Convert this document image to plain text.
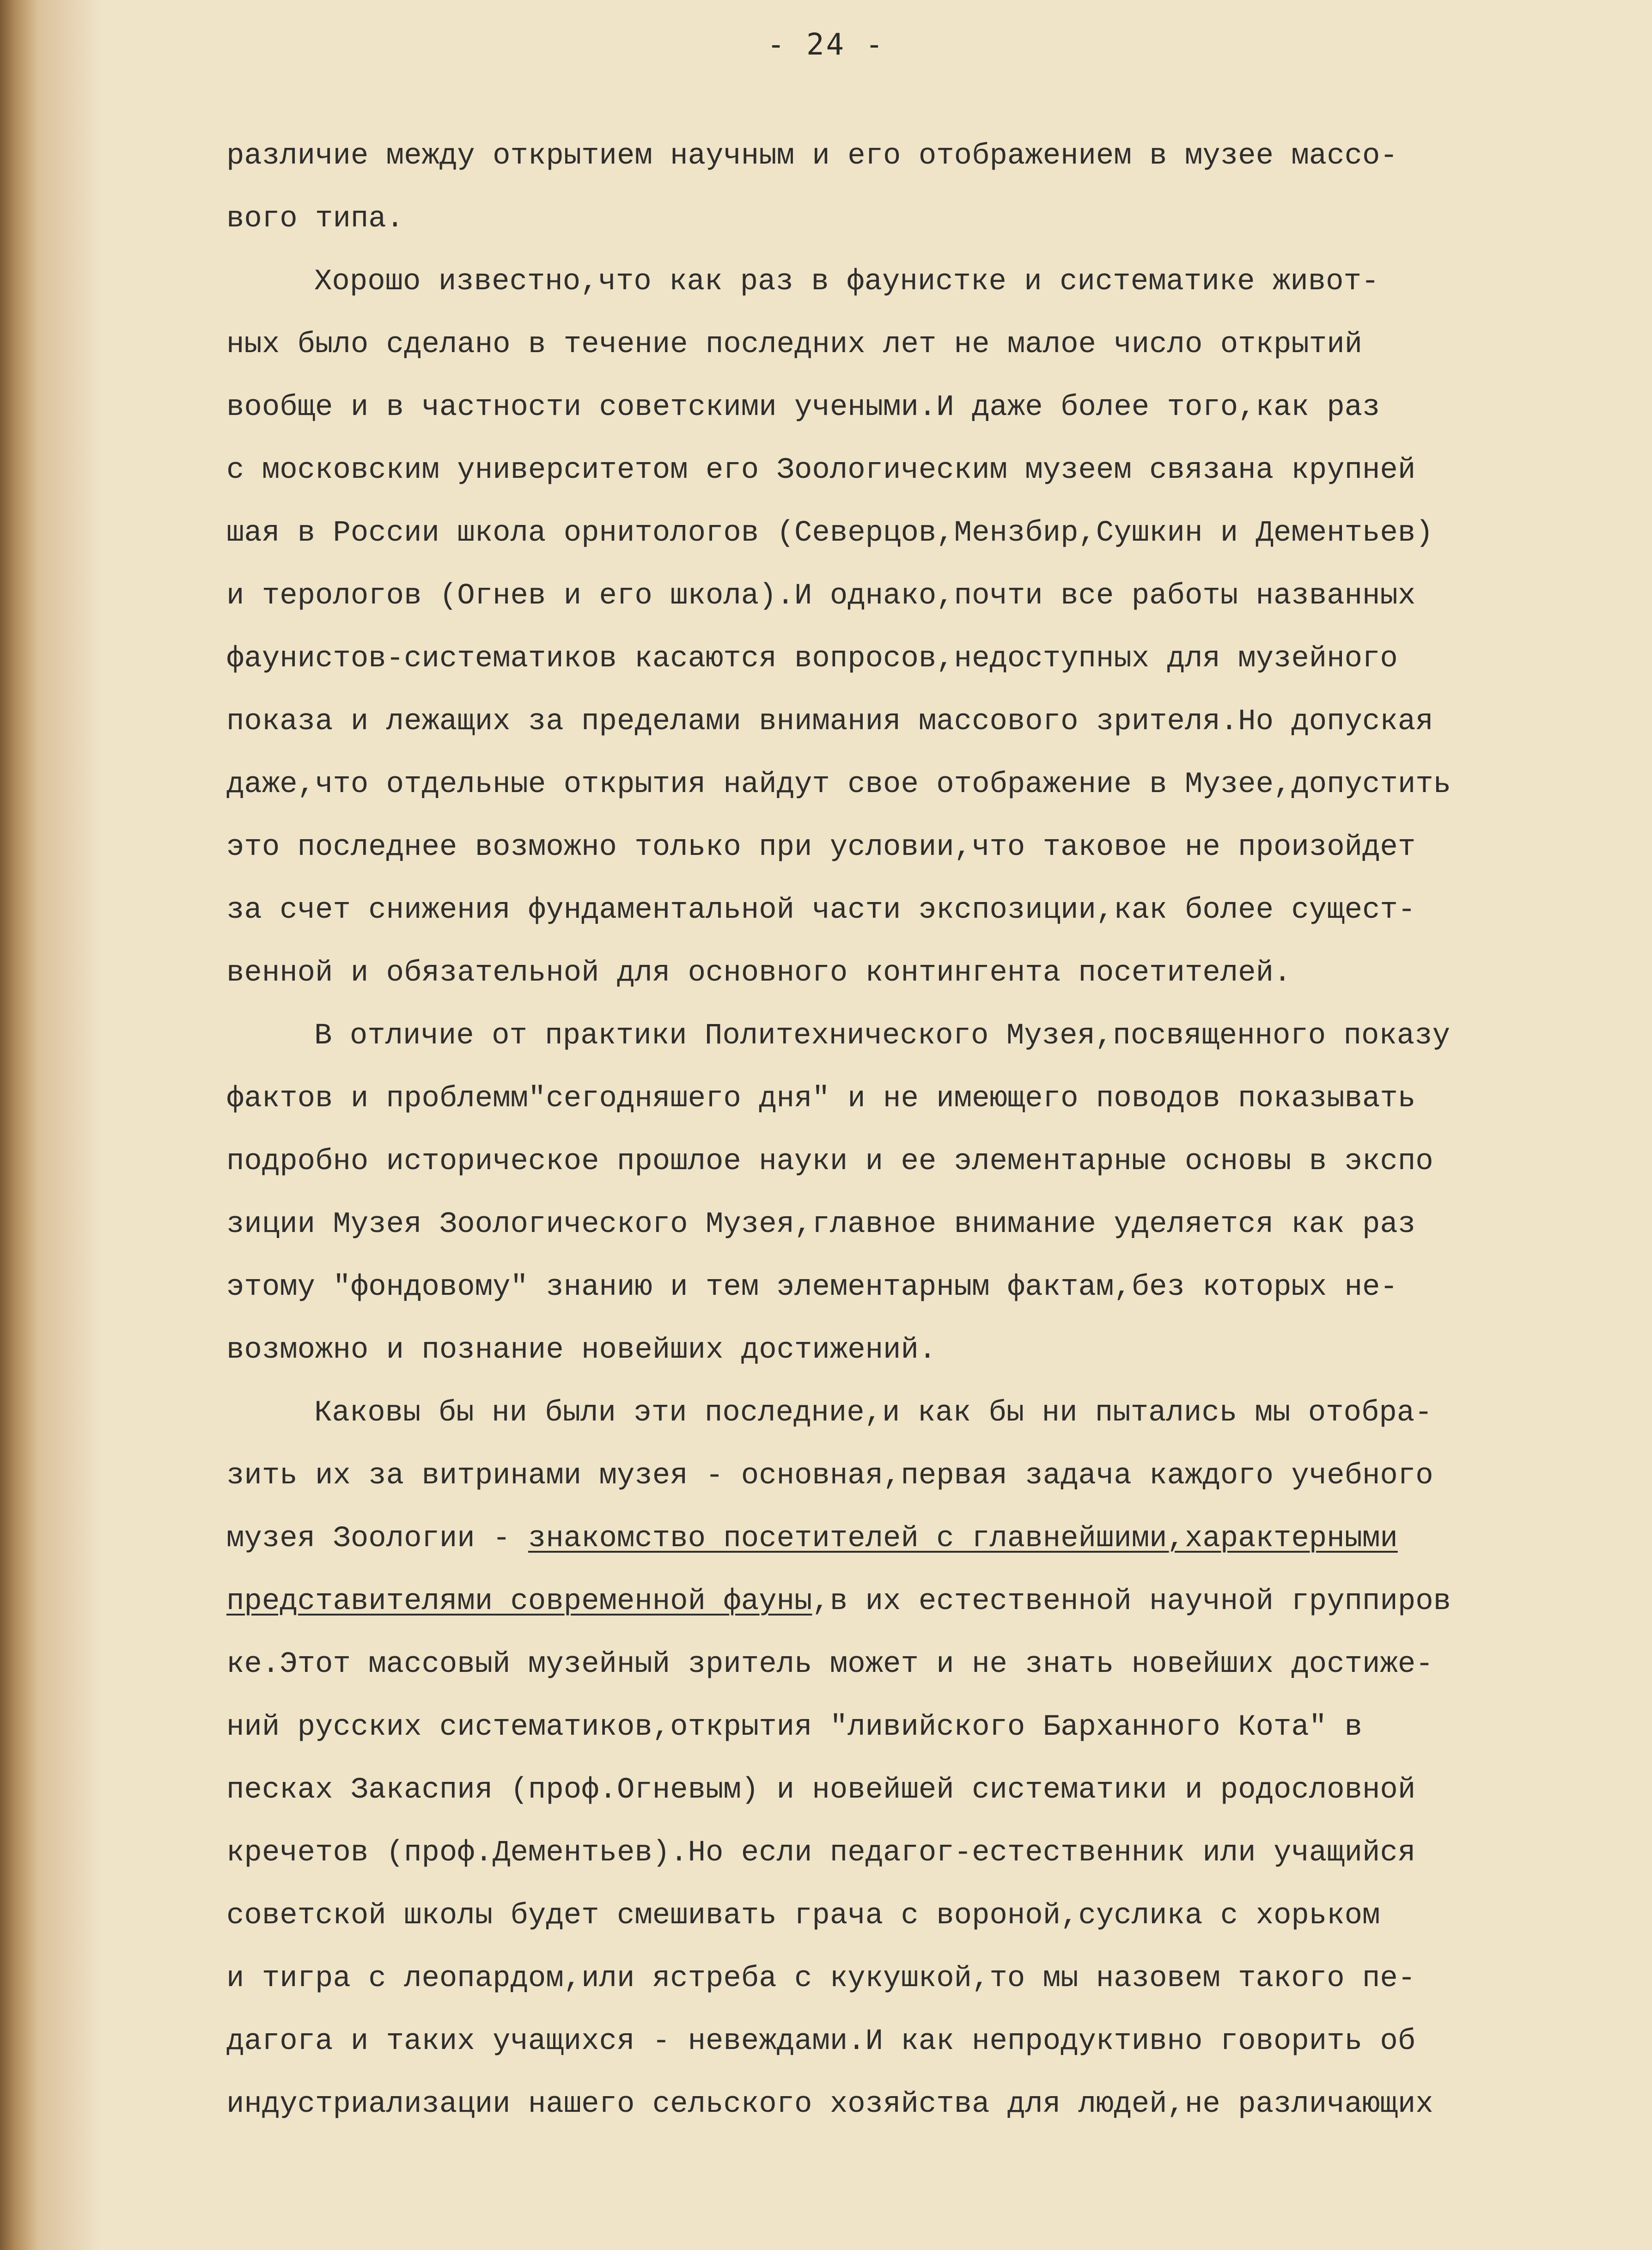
- 24 -
различие между открытием научным и его отображением в музее массо-
вого типа.
Хорошо известно,что как раз в фаунистке и систематике живот-
ных было сделано в течение последних лет не малое число открытий
вообще и в частности советскими учеными.И даже более того,как раз
с московским университетом его Зоологическим музеем связана крупней
шая в России школа орнитологов (Северцов,Мензбир,Сушкин и Дементьев)
и терологов (Огнев и его школа).И однако,почти все работы названных
фаунистов-систематиков касаются вопросов,недоступных для музейного
показа и лежащих за пределами внимания массового зрителя.Но допуская
даже,что отдельные открытия найдут свое отображение в Музее,допустить
это последнее возможно только при условии,что таковое не произойдет
за счет снижения фундаментальной части экспозиции,как более сущест-
венной и обязательной для основного контингента посетителей.
В отличие от практики Политехнического Музея,посвященного показу
фактов и проблемм"сегодняшего дня" и не имеющего поводов показывать
подробно историческое прошлое науки и ее элементарные основы в экспо
зиции Музея Зоологического Музея,главное внимание уделяется как раз
этому "фондовому" знанию и тем элементарным фактам,без которых не-
возможно и познание новейших достижений.
Каковы бы ни были эти последние,и как бы ни пытались мы отобра-
зить их за витринами музея - основная,первая задача каждого учебного
музея Зоологии - знакомство посетителей с главнейшими,характерными
представителями современной фауны,в их естественной научной группиров
ке.Этот массовый музейный зритель может и не знать новейших достиже-
ний русских систематиков,открытия "ливийского Барханного Кота" в
песках Закаспия (проф.Огневым) и новейшей систематики и родословной
кречетов (проф.Дементьев).Но если педагог-естественник или учащийся
советской школы будет смешивать грача с вороной,суслика с хорьком
и тигра с леопардом,или ястреба с кукушкой,то мы назовем такого пе-
дагога и таких учащихся - невеждами.И как непродуктивно говорить об
индустриализации нашего сельского хозяйства для людей,не различающих
